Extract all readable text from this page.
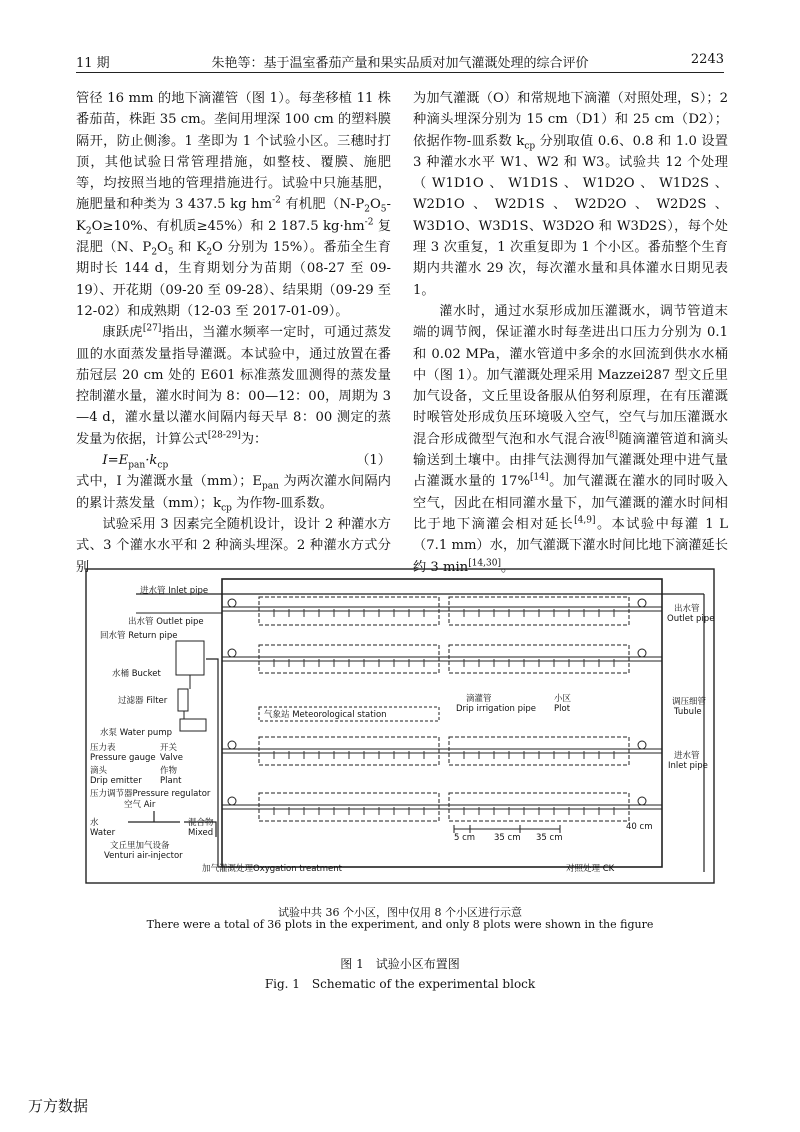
11 期	朱艳等：基于温室番茄产量和果实品质对加气灌溉处理的综合评价	2243

管径 16 mm 的地下滴灌管（图 1）。每垄移植 11 株番茄苗，株距 35 cm。垄间用埋深 100 cm 的塑料膜隔开，防止侧渗。1 垄即为 1 个试验小区。三穗时打顶，其他试验日常管理措施，如整枝、覆膜、施肥等，均按照当地的管理措施进行。试验中只施基肥，施肥量和种类为 3 437.5 kg $hm^{-2}$ 有机肥（$N-P_2O_5-K_2O\ge 10\%$、有机质≥45%）和 2 187.5 $kg\cdot hm^{-2}$ 复混肥（N、$P_2O_5$ 和 $K_2O$ 分别为 15%）。番茄全生育期时长 144 d，生育期划分为苗期（08-27 至 09-19）、开花期（09-20 至 09-28）、结果期（09-29 至 12-02）和成熟期（12-03 至 2017-01-09）。

康跃虎[27]指出，当灌水频率一定时，可通过蒸发皿的水面蒸发量指导灌溉。本试验中，通过放置在番茄冠层 20 cm 处的 E601 标准蒸发皿测得的蒸发量控制灌水量，灌水时间为 8：00—12：00，周期为 3—4 d，灌水量以灌水间隔内每天早 8：00 测定的蒸发量为依据，计算公式[28-29]为：

$I=E_{pan}\cdot k_{cp}$	（1）

式中，I 为灌溉水量（mm）；$E_{pan}$ 为两次灌水间隔内的累计蒸发量（mm）；$k_{cp}$ 为作物-皿系数。

试验采用 3 因素完全随机设计，设计 2 种灌水方式、3 个灌水水平和 2 种滴头埋深。2 种灌水方式分别

为加气灌溉（O）和常规地下滴灌（对照处理，S）；2 种滴头埋深分别为 15 cm（D1）和 25 cm（D2）；依据作物-皿系数 $k_{cp}$ 分别取值 0.6、0.8 和 1.0 设置 3 种灌水水平 W1、W2 和 W3。试验共 12 个处理（W1D1O、W1D1S、W1D2O、W1D2S、W2D1O、W2D1S、W2D2O、W2D2S、W3D1O、W3D1S、W3D2O 和 W3D2S），每个处理 3 次重复，1 次重复即为 1 个小区。番茄整个生育期内共灌水 29 次，每次灌水量和具体灌水日期见表 1。

灌水时，通过水泵形成加压灌溉水，调节管道末端的调节阀，保证灌水时每垄进出口压力分别为 0.1 和 0.02 MPa，灌水管道中多余的水回流到供水水桶中（图 1）。加气灌溉处理采用 Mazzei287 型文丘里加气设备，文丘里设备服从伯努利原理，在有压灌溉时喉管处形成负压环境吸入空气，空气与加压灌溉水混合形成微型气泡和水气混合液[8]随滴灌管道和滴头输送到土壤中。由排气法测得加气灌溉处理中进气量占灌溉水量的 17%[14]。加气灌溉在灌水的同时吸入空气，因此在相同灌水量下，加气灌溉的灌水时间相比于地下滴灌会相对延长[4,9]。本试验中每灌 1 L（7.1 mm）水，加气灌溉下灌水时间比地下滴灌延长约 3 min[14,30]。

进水管 Inlet pipe
出水管 Outlet pipe
回水管 Return pipe
水桶 Bucket
过滤器 Filter
水泵 Water pump
压力表
Pressure gauge
开关
Valve
滴头
Drip emitter
作物
Plant
压力调节器Pressure regulator
空气 Air
水
Water
混合物
Mixed
文丘里加气设备
Venturi air-injector
加气灌溉处理Oxygation treatment	对照处理 CK
气象站 Meteorological station
滴灌管
Drip irrigation pipe
小区
Plot
出水管
Outlet pipe
调压细管
Tubule
进水管
Inlet pipe
5 cm 35 cm 35 cm
40 cm
试验中共 36 个小区，图中仅用 8 个小区进行示意
There were a total of 36 plots in the experiment, and only 8 plots were shown in the figure
图 1　试验小区布置图
Fig. 1　Schematic of the experimental block
万方数据
